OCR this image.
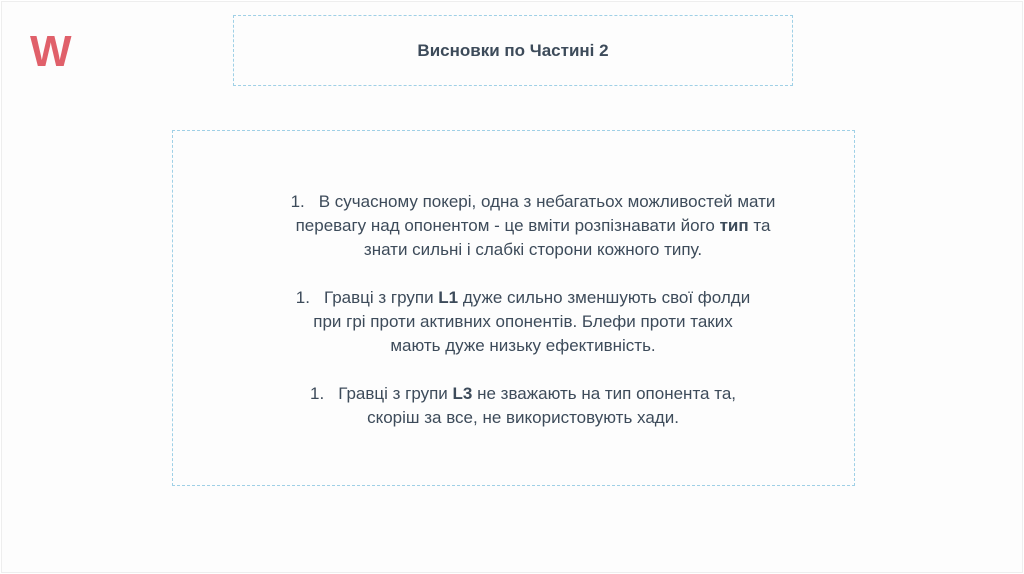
W	Висновки по Частині 2
1. В сучасному покері, одна з небагатьох можливостей мати
перевагу над опонентом - це вміти розпізнавати його тип та
знати сильні і слабкі сторони кожного типу.
1. Гравці з групи L1 дуже сильно зменшують свої фолди
при грі проти активних опонентів. Блефи проти таких
мають дуже низьку ефективність.
1. Гравці з групи L3 не зважають на тип опонента та,
скоріш за все, не використовують хади.
